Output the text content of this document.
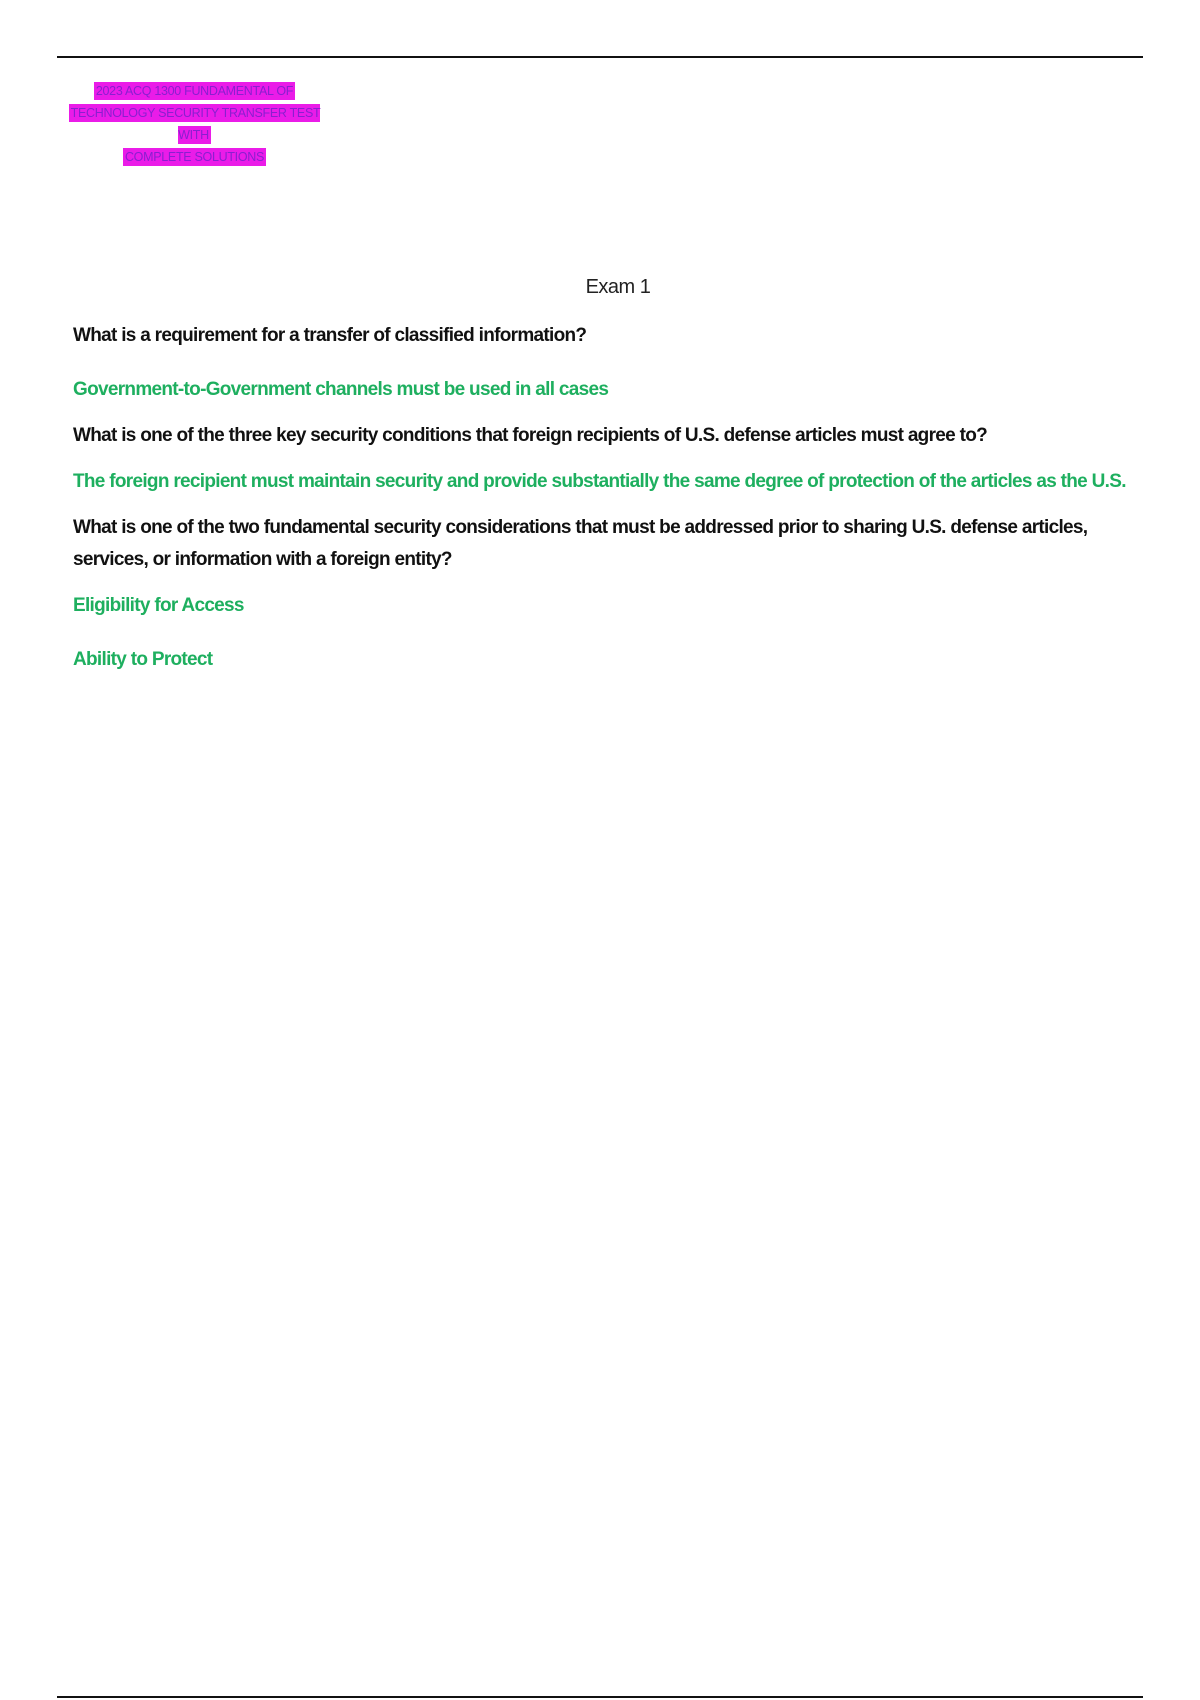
2023 ACQ 1300 FUNDAMENTAL OF
TECHNOLOGY SECURITY TRANSFER TEST WITH
COMPLETE SOLUTIONS
Exam 1

What is a requirement for a transfer of classified information?

Government-to-Government channels must be used in all cases

What is one of the three key security conditions that foreign recipients of U.S. defense articles must agree to?

The foreign recipient must maintain security and provide substantially the same degree of protection of the articles as the U.S.

What is one of the two fundamental security considerations that must be addressed prior to sharing U.S. defense articles, services, or information with a foreign entity?

Eligibility for Access

Ability to Protect
